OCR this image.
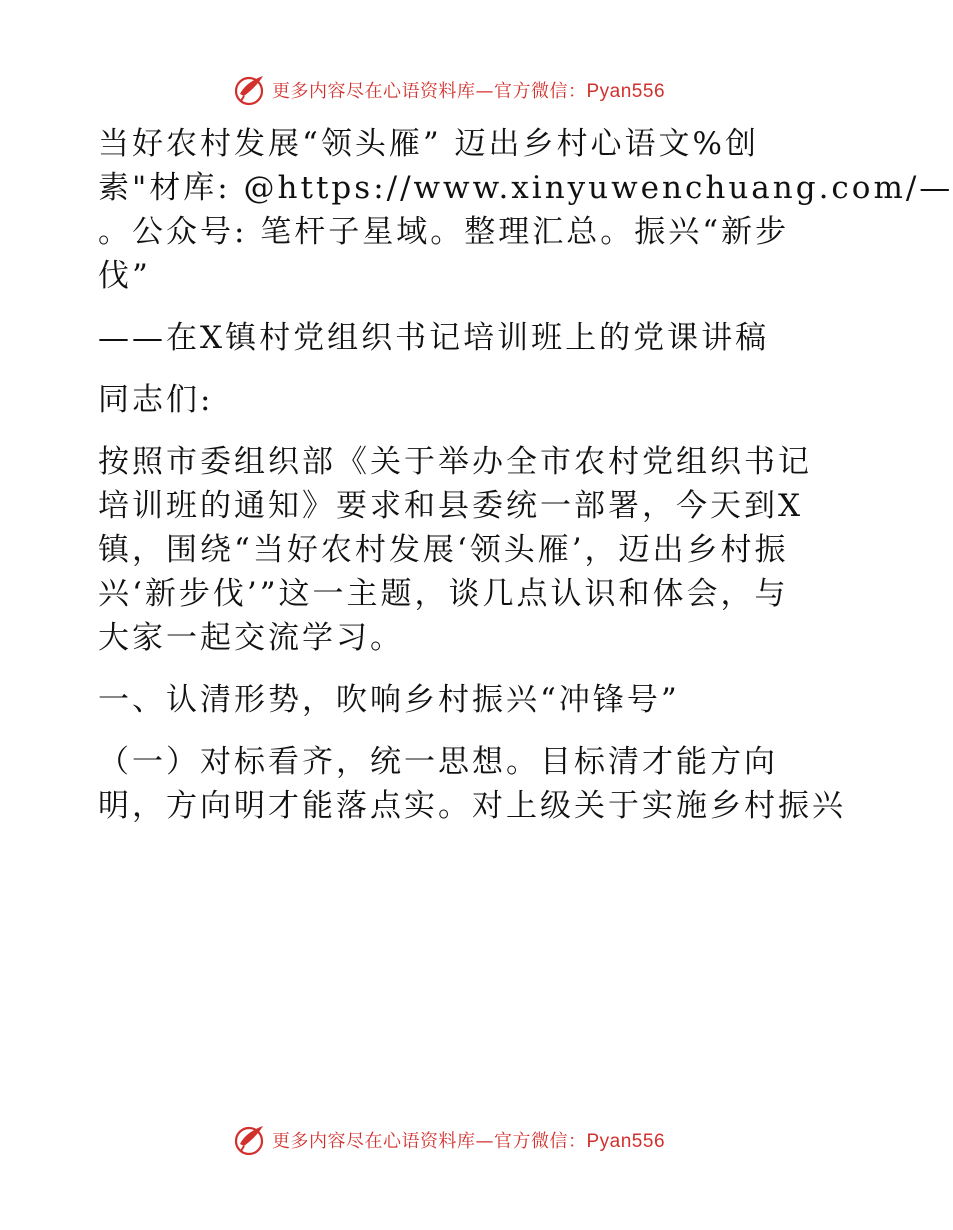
更多内容尽在心语资料库—官方微信：Pyan556
当好农村发展“领头雁” 迈出乡村心语文%创
素"材库: @https://www.xinyuwenchuang.com/—
。公众号: 笔杆子星域。整理汇总。振兴“新步
伐”
——在X镇村党组织书记培训班上的党课讲稿
同志们:
按照市委组织部《关于举办全市农村党组织书记
培训班的通知》要求和县委统一部署，今天到X
镇，围绕“当好农村发展‘领头雁’，迈出乡村振
兴‘新步伐’”这一主题，谈几点认识和体会，与
大家一起交流学习。
一、认清形势，吹响乡村振兴“冲锋号”
（一）对标看齐，统一思想。目标清才能方向
明，方向明才能落点实。对上级关于实施乡村振兴
更多内容尽在心语资料库—官方微信：Pyan556
